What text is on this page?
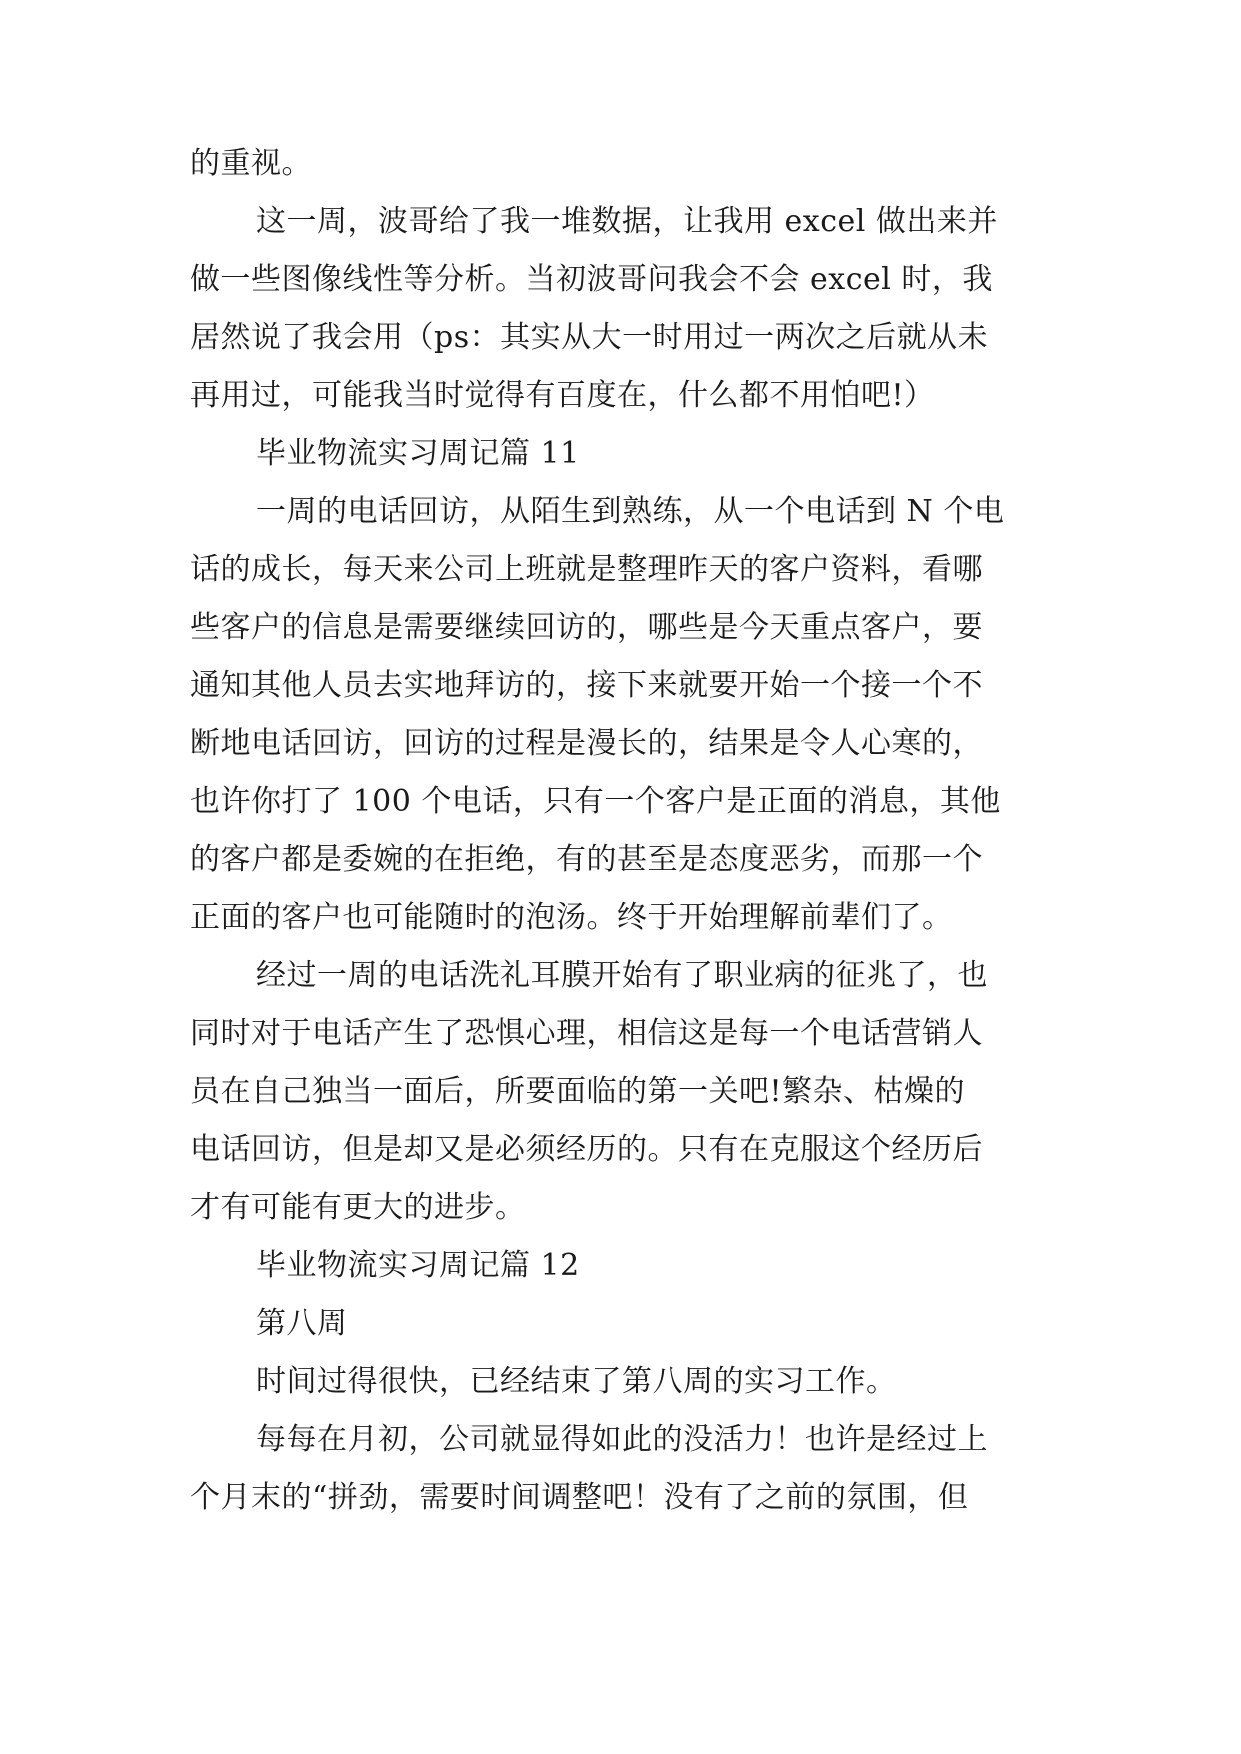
的重视。
这一周，波哥给了我一堆数据，让我用 excel 做出来并
做一些图像线性等分析。当初波哥问我会不会 excel 时，我
居然说了我会用（ps：其实从大一时用过一两次之后就从未
再用过，可能我当时觉得有百度在，什么都不用怕吧!）
毕业物流实习周记篇 11
一周的电话回访，从陌生到熟练，从一个电话到 N 个电
话的成长，每天来公司上班就是整理昨天的客户资料，看哪
些客户的信息是需要继续回访的，哪些是今天重点客户，要
通知其他人员去实地拜访的，接下来就要开始一个接一个不
断地电话回访，回访的过程是漫长的，结果是令人心寒的，
也许你打了 100 个电话，只有一个客户是正面的消息，其他
的客户都是委婉的在拒绝，有的甚至是态度恶劣，而那一个
正面的客户也可能随时的泡汤。终于开始理解前辈们了。
经过一周的电话洗礼耳膜开始有了职业病的征兆了，也
同时对于电话产生了恐惧心理，相信这是每一个电话营销人
员在自己独当一面后，所要面临的第一关吧!繁杂、枯燥的
电话回访，但是却又是必须经历的。只有在克服这个经历后
才有可能有更大的进步。
毕业物流实习周记篇 12
第八周
时间过得很快，已经结束了第八周的实习工作。
每每在月初，公司就显得如此的没活力！也许是经过上
个月末的“拼劲，需要时间调整吧！没有了之前的氛围，但
